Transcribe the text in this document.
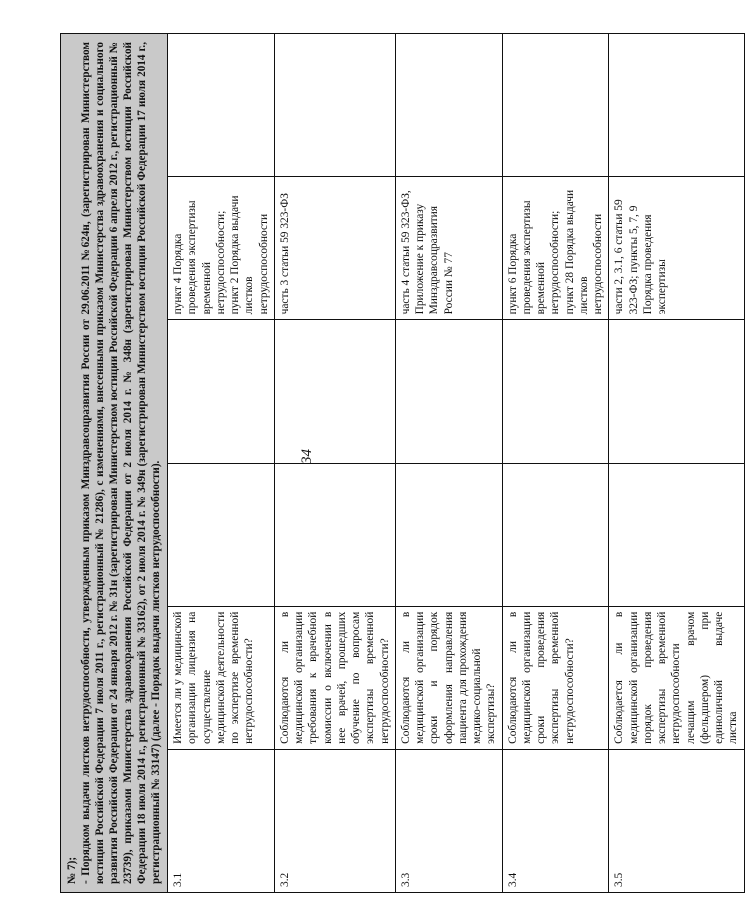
34
№ 7); - Порядком выдачи листков нетрудоспособности, утвержденным приказом Минздравсоцразвития России от 29.06.2011 №624н, (зарегистрирован Министерством юстиции Российской Федерации 7 июля 2011 г., регистрационный № 21286), с изменениями, внесенными приказом Министерства здравоохранения и социального развития Российской Федерации от 24 января 2012 г. № 31н (зарегистрирован Министерством юстиции Российской Федерации 6 апреля 2012 г., регистрационный № 23739), приказами Министерства здравоохранения Российской Федерации от 2 июля 2014 г. № 348н (зарегистрирован Министерством юстиции Российской Федерации 18 июля 2014 г., регистрационный № 33162), от 2 июля 2014 г. № 349н (зарегистрирован Министерством юстиции Российской Федерации 17 июля 2014 г., регистрационный № 33147) (далее - Порядок выдачи листков нетрудоспособности).					
3.1	Имеется ли у медицинской организации лицензия на осуществление медицинской деятельности по экспертизе временной нетрудоспособности?			пункт 4 Порядка проведения экспертизы временной нетрудоспособности; пункт 2 Порядка выдачи листков нетрудоспособности	
3.2	Соблюдаются ли в медицинской организации требования к врачебной комиссии о включении в нее врачей, прошедших обучение по вопросам экспертизы временной нетрудоспособности?			часть 3 статьи 59 323-ФЗ	
3.3	Соблюдаются ли в медицинской организации сроки и порядок оформления направления пациента для прохождения медико-социальной экспертизы?			часть 4 статьи 59 323-ФЗ, Приложение к приказу Минздравсоцразвития России № 77	
3.4	Соблюдаются ли в медицинской организации сроки проведения экспертизы временной нетрудоспособности?			пункт 6 Порядка проведения экспертизы временной нетрудоспособности; пункт 28 Порядка выдачи листков нетрудоспособности	
3.5	Соблюдается ли в медицинской организации порядок проведения экспертизы временной нетрудоспособности лечащим врачом (фельдшером) при единоличной выдаче листка			части 2, 3.1, 6 статьи 59 323-ФЗ; пункты 5, 7, 9 Порядка проведения экспертизы	
